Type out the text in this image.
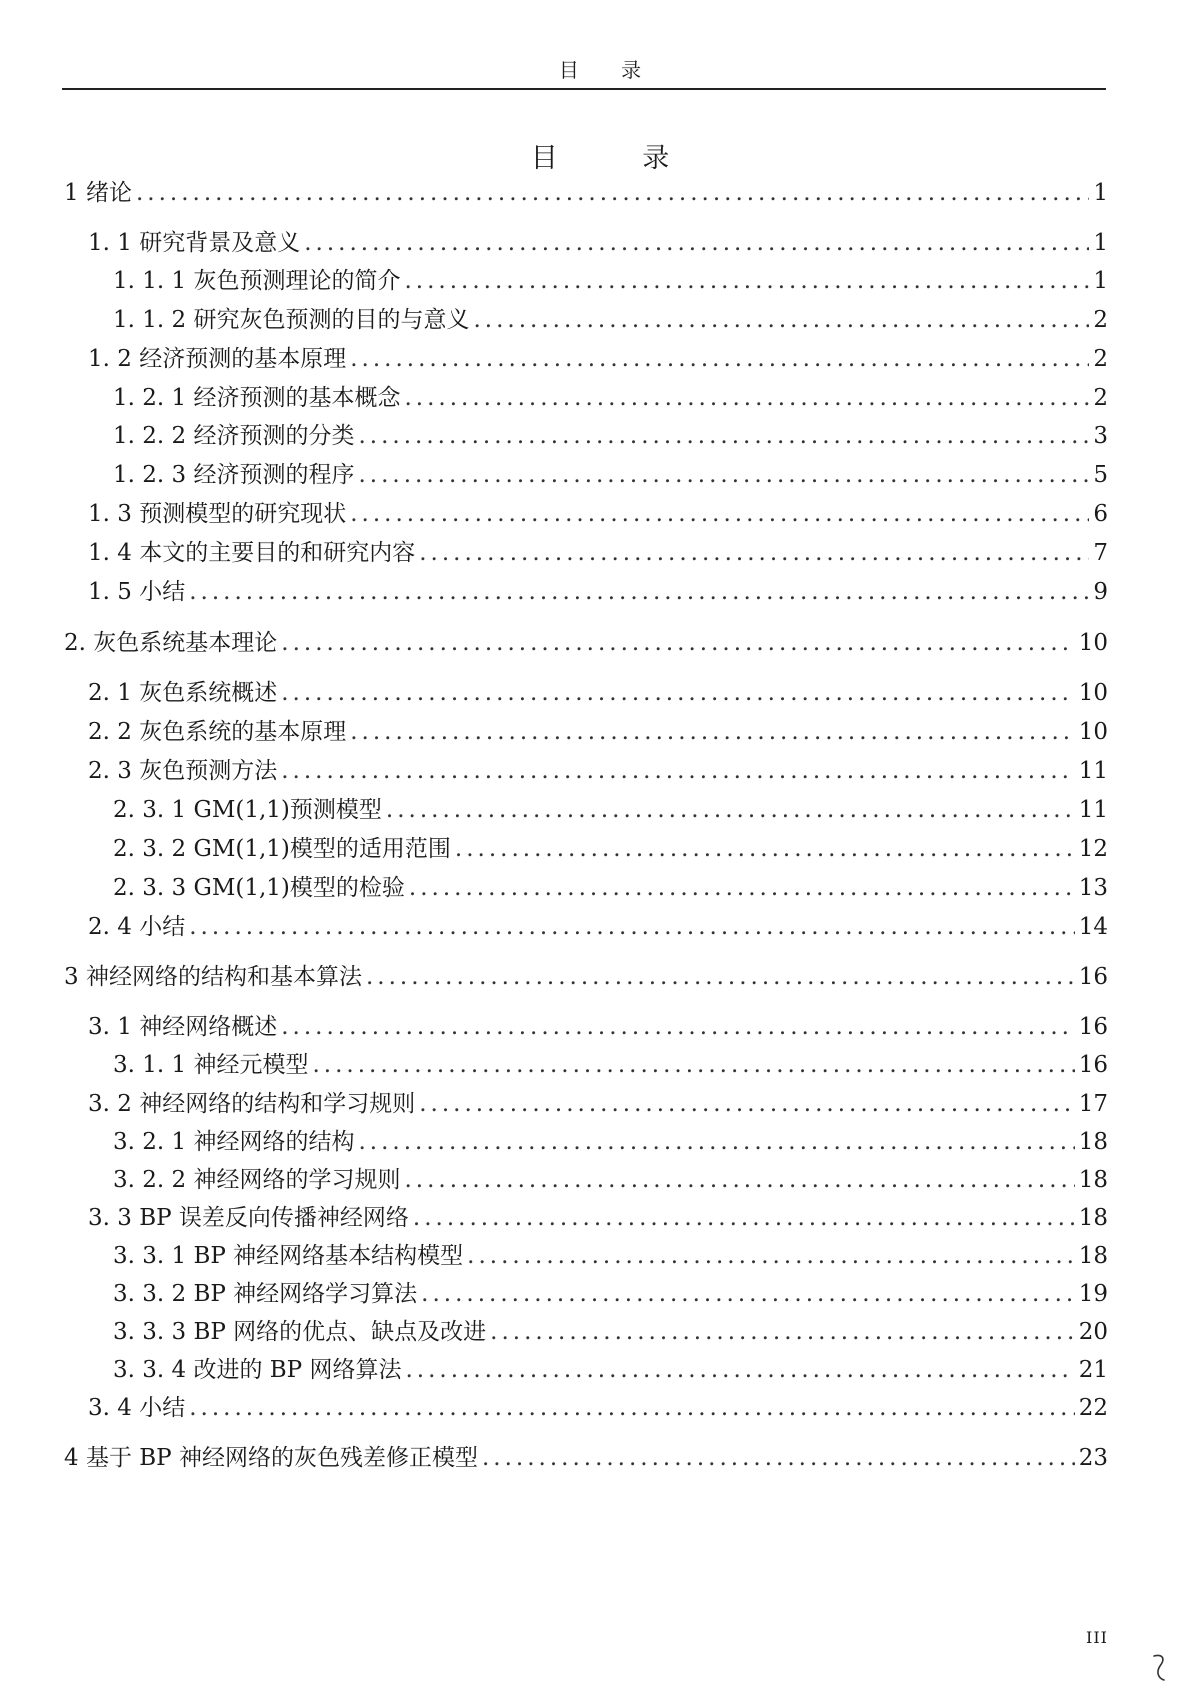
目 录
目 录
1 绪论 .....	1
1. 1 研究背景及意义 .....	1
1. 1. 1 灰色预测理论的简介 .....	1
1. 1. 2 研究灰色预测的目的与意义 .....	2
1. 2 经济预测的基本原理 .....	2
1. 2. 1 经济预测的基本概念 .....	2
1. 2. 2 经济预测的分类 .....	3
1. 2. 3 经济预测的程序 .....	5
1. 3 预测模型的研究现状 .....	6
1. 4 本文的主要目的和研究内容 .....	7
1. 5 小结 .....	9
2. 灰色系统基本理论 .....	10
2. 1 灰色系统概述 .....	10
2. 2 灰色系统的基本原理 .....	10
2. 3 灰色预测方法 .....	11
2. 3. 1 GM(1,1)预测模型 .....	11
2. 3. 2 GM(1,1)模型的适用范围 .....	12
2. 3. 3 GM(1,1)模型的检验 .....	13
2. 4 小结 .....	14
3 神经网络的结构和基本算法 .....	16
3. 1 神经网络概述 .....	16
3. 1. 1 神经元模型 .....	16
3. 2 神经网络的结构和学习规则 .....	17
3. 2. 1 神经网络的结构 .....	18
3. 2. 2 神经网络的学习规则 .....	18
3. 3 BP 误差反向传播神经网络 .....	18
3. 3. 1 BP 神经网络基本结构模型 .....	18
3. 3. 2 BP 神经网络学习算法 .....	19
3. 3. 3 BP 网络的优点、缺点及改进 .....	20
3. 3. 4 改进的 BP 网络算法 .....	21
3. 4 小结 .....	22
4 基于 BP 神经网络的灰色残差修正模型 .....	23
III
